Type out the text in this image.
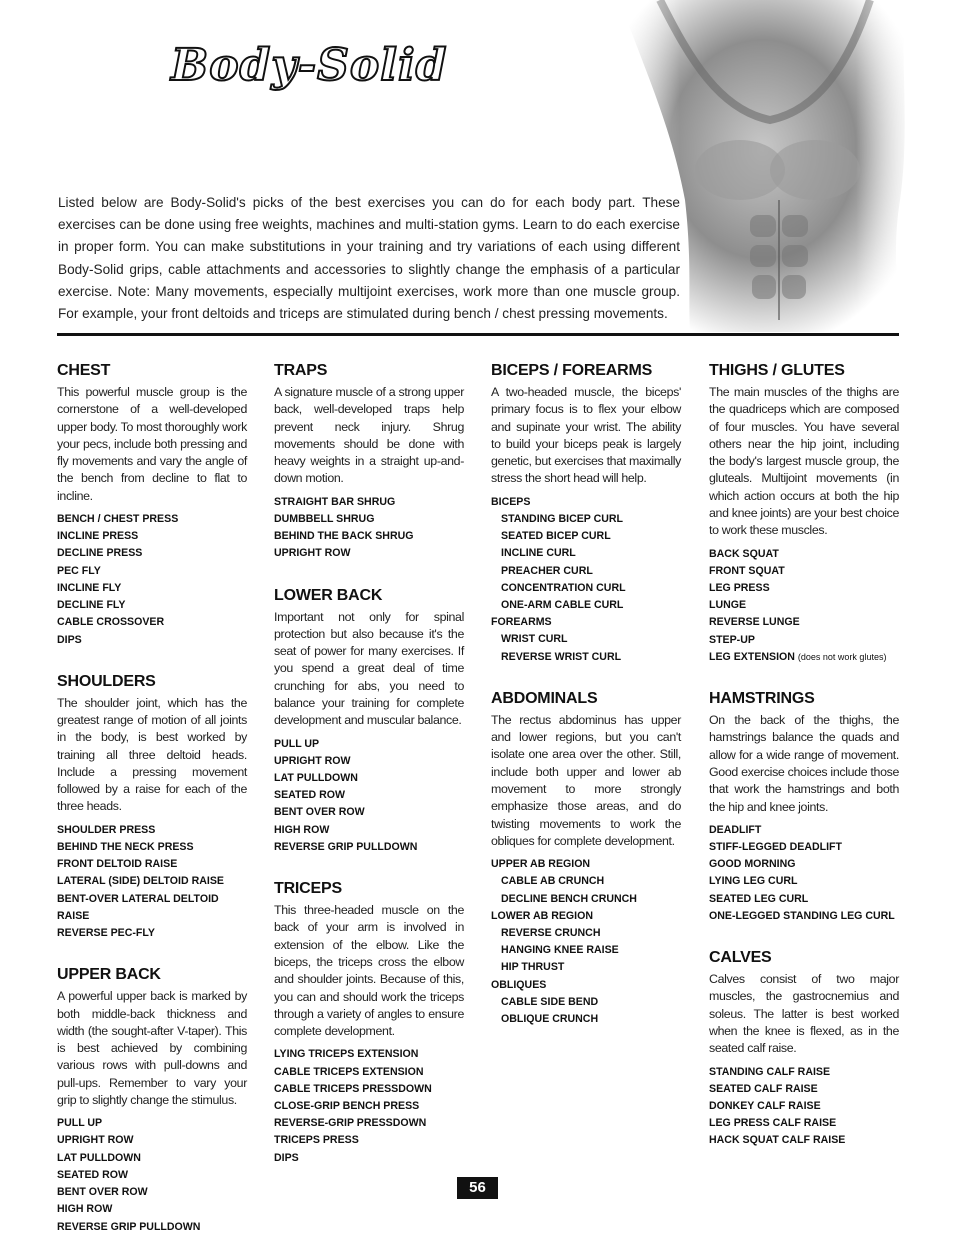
Body-Solid

Listed below are Body-Solid's picks of the best exercises you can do for each body part. These exercises can be done using free weights, machines and multi-station gyms. Learn to do each exercise in proper form. You can make substitutions in your training and try variations of each using different Body-Solid grips, cable attachments and accessories to slightly change the emphasis of a particular exercise. Note: Many movements, especially multijoint exercises, work more than one muscle group. For example, your front deltoids and triceps are stimulated during bench / chest pressing movements.

CHEST

This powerful muscle group is the cornerstone of a well-developed upper body. To most thoroughly work your pecs, include both pressing and fly movements and vary the angle of the bench from decline to flat to incline.

BENCH / CHEST PRESS
INCLINE PRESS
DECLINE PRESS
PEC FLY
INCLINE FLY
DECLINE FLY
CABLE CROSSOVER
DIPS
SHOULDERS

The shoulder joint, which has the greatest range of motion of all joints in the body, is best worked by training all three deltoid heads. Include a pressing movement followed by a raise for each of the three heads.

SHOULDER PRESS
BEHIND THE NECK PRESS
FRONT DELTOID RAISE
LATERAL (SIDE) DELTOID RAISE
BENT-OVER LATERAL DELTOID RAISE
REVERSE PEC-FLY
UPPER BACK

A powerful upper back is marked by both middle-back thickness and width (the sought-after V-taper). This is best achieved by combining various rows with pull-downs and pull-ups. Remember to vary your grip to slightly change the stimulus.

PULL UP
UPRIGHT ROW
LAT PULLDOWN
SEATED ROW
BENT OVER ROW
HIGH ROW
REVERSE GRIP PULLDOWN
TRAPS

A signature muscle of a strong upper back, well-developed traps help prevent neck injury. Shrug movements should be done with heavy weights in a straight up-and-down motion.

STRAIGHT BAR SHRUG
DUMBBELL SHRUG
BEHIND THE BACK SHRUG
UPRIGHT ROW
LOWER BACK

Important not only for spinal protection but also because it's the seat of power for many exercises. If you spend a great deal of time crunching for abs, you need to balance your training for complete development and muscular balance.

PULL UP
UPRIGHT ROW
LAT PULLDOWN
SEATED ROW
BENT OVER ROW
HIGH ROW
REVERSE GRIP PULLDOWN
TRICEPS

This three-headed muscle on the back of your arm is involved in extension of the elbow. Like the biceps, the triceps cross the elbow and shoulder joints. Because of this, you can and should work the triceps through a variety of angles to ensure complete development.

LYING TRICEPS EXTENSION
CABLE TRICEPS EXTENSION
CABLE TRICEPS PRESSDOWN
CLOSE-GRIP BENCH PRESS
REVERSE-GRIP PRESSDOWN
TRICEPS PRESS
DIPS
BICEPS / FOREARMS

A two-headed muscle, the biceps' primary focus is to flex your elbow and supinate your wrist. The ability to build your biceps peak is largely genetic, but exercises that maximally stress the short head will help.

BICEPS
STANDING BICEP CURL
SEATED BICEP CURL
INCLINE CURL
PREACHER CURL
CONCENTRATION CURL
ONE-ARM CABLE CURL
FOREARMS
WRIST CURL
REVERSE WRIST CURL
ABDOMINALS

The rectus abdominus has upper and lower regions, but you can't isolate one area over the other. Still, include both upper and lower ab movement to more strongly emphasize those areas, and do twisting movements to work the obliques for complete development.

UPPER AB REGION
CABLE AB CRUNCH
DECLINE BENCH CRUNCH
LOWER AB REGION
REVERSE CRUNCH
HANGING KNEE RAISE
HIP THRUST
OBLIQUES
CABLE SIDE BEND
OBLIQUE CRUNCH
THIGHS / GLUTES

The main muscles of the thighs are the quadriceps which are composed of four muscles. You have several others near the hip joint, including the body's largest muscle group, the gluteals. Multijoint movements (in which action occurs at both the hip and knee joints) are your best choice to work these muscles.

BACK SQUAT
FRONT SQUAT
LEG PRESS
LUNGE
REVERSE LUNGE
STEP-UP
LEG EXTENSION (does not work glutes)
HAMSTRINGS

On the back of the thighs, the hamstrings balance the quads and allow for a wide range of movement. Good exercise choices include those that work the hamstrings and both the hip and knee joints.

DEADLIFT
STIFF-LEGGED DEADLIFT
GOOD MORNING
LYING LEG CURL
SEATED LEG CURL
ONE-LEGGED STANDING LEG CURL
CALVES

Calves consist of two major muscles, the gastrocnemius and soleus. The latter is best worked when the knee is flexed, as in the seated calf raise.

STANDING CALF RAISE
SEATED CALF RAISE
DONKEY CALF RAISE
LEG PRESS CALF RAISE
HACK SQUAT CALF RAISE
56
